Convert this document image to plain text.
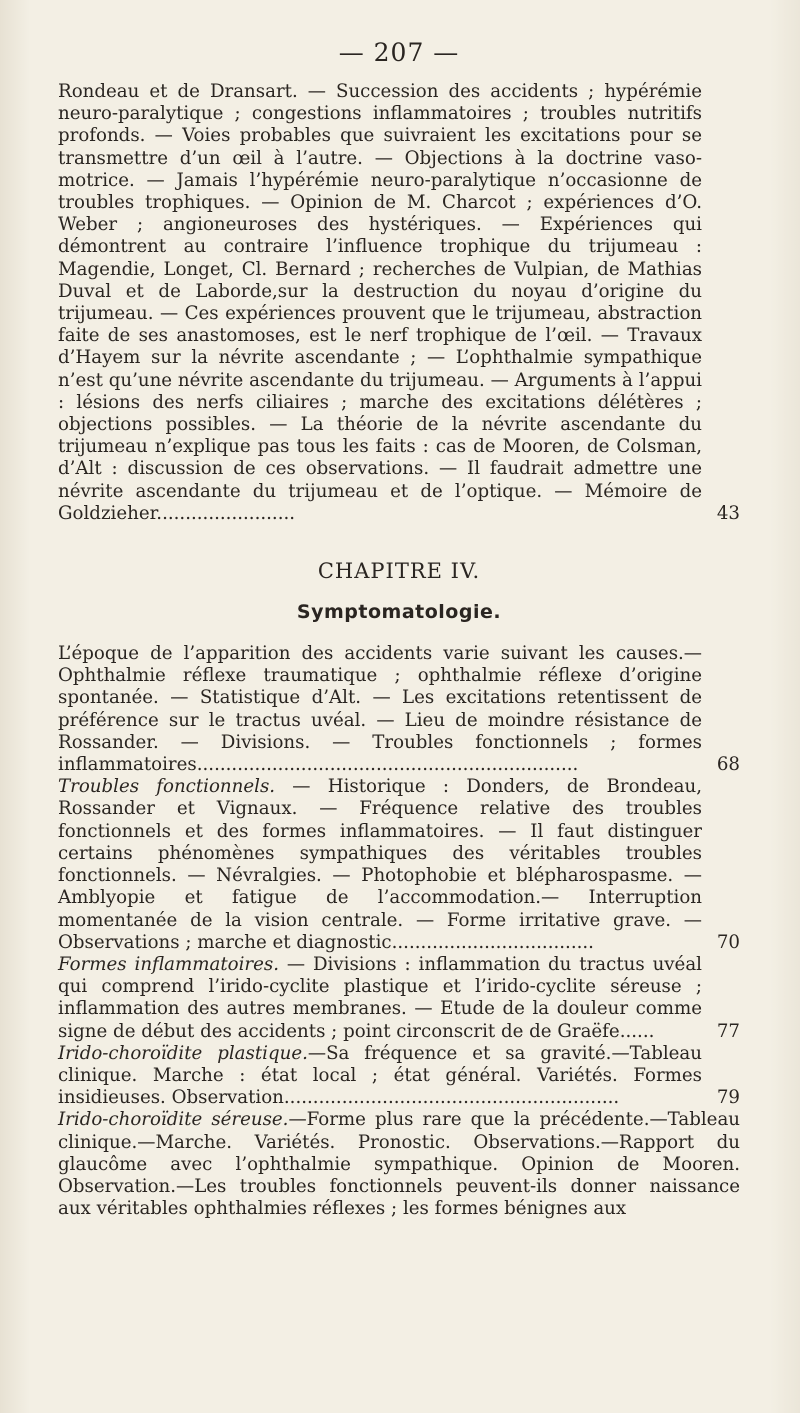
— 207 —

Rondeau et de Dransart. — Succession des accidents ; hypérémie neuro-paralytique ; congestions inflammatoires ; troubles nutritifs profonds. — Voies probables que suivraient les excitations pour se transmettre d’un œil à l’autre. — Objections à la doctrine vaso-motrice. — Jamais l’hypérémie neuro-paralytique n’occasionne de troubles trophiques. — Opinion de M. Charcot ; expériences d’O. Weber ; angioneuroses des hystériques. — Expériences qui démontrent au contraire l’influence trophique du trijumeau : Magendie, Longet, Cl. Bernard ; recherches de Vulpian, de Mathias Duval et de Laborde,sur la destruction du noyau d’origine du trijumeau. — Ces expériences prouvent que le trijumeau, abstraction faite de ses anastomoses, est le nerf trophique de l’œil. — Travaux d’Hayem sur la névrite ascendante ; — L’ophthalmie sympathique n’est qu’une névrite ascendante du trijumeau. — Arguments à l’appui : lésions des nerfs ciliaires ; marche des excitations délétères ; objections possibles. — La théorie de la névrite ascendante du trijumeau n’explique pas tous les faits : cas de Mooren, de Colsman, d’Alt : discussion de ces observations. — Il faudrait admettre une névrite ascendante du trijumeau et de l’optique. — Mémoire de Goldzieher........................	43

CHAPITRE IV.
Symptomatologie.

L’époque de l’apparition des accidents varie suivant les causes.—Ophthalmie réflexe traumatique ; ophthalmie réflexe d’origine spontanée. — Statistique d’Alt. — Les excitations retentissent de préférence sur le tractus uvéal. — Lieu de moindre résistance de Rossander. — Divisions. — Troubles fonctionnels ; formes inflammatoires..................................................................	68

Troubles fonctionnels. — Historique : Donders, de Brondeau, Rossander et Vignaux. — Fréquence relative des troubles fonctionnels et des formes inflammatoires. — Il faut distinguer certains phénomènes sympathiques des véritables troubles fonctionnels. — Névralgies. — Photophobie et blépharospasme. — Amblyopie et fatigue de l’accommodation.— Interruption momentanée de la vision centrale. — Forme irritative grave. — Observations ; marche et diagnostic...................................	70

Formes inflammatoires. — Divisions : inflammation du tractus uvéal qui comprend l’irido-cyclite plastique et l’irido-cyclite séreuse ; inflammation des autres membranes. — Etude de la douleur comme signe de début des accidents ; point circonscrit de de Graëfe......	77

Irido-choroïdite plastique.—Sa fréquence et sa gravité.—Tableau clinique. Marche : état local ; état général. Variétés. Formes insidieuses. Observation..........................................................	79

Irido-choroïdite séreuse.—Forme plus rare que la précédente.—Tableau clinique.—Marche. Variétés. Pronostic. Observations.—Rapport du glaucôme avec l’ophthalmie sympathique. Opinion de Mooren. Observation.—Les troubles fonctionnels peuvent-ils donner naissance aux véritables ophthalmies réflexes ; les formes bénignes aux
